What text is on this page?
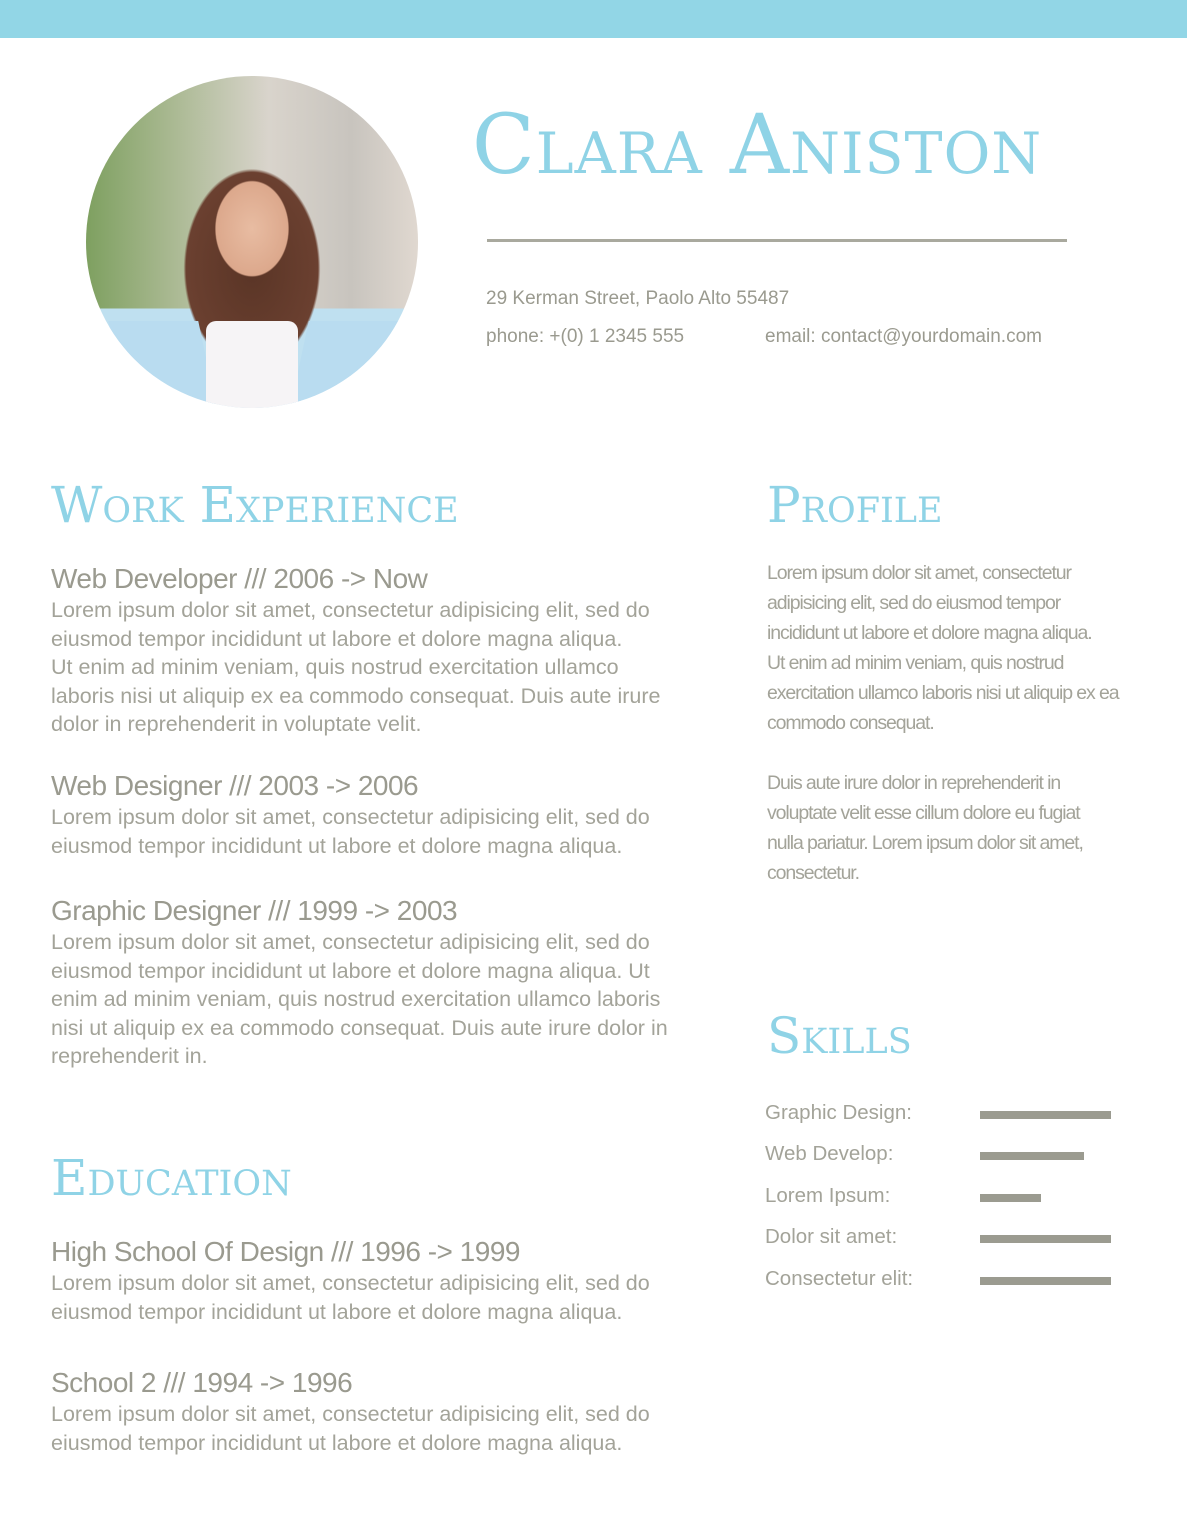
Clara Aniston
29 Kerman Street, Paolo Alto 55487
phone: +(0) 1 2345 555	email: contact@yourdomain.com
Work Experience
Web Developer /// 2006 -> Now
Lorem ipsum dolor sit amet, consectetur adipisicing elit, sed do
eiusmod tempor incididunt ut labore et dolore magna aliqua.
Ut enim ad minim veniam, quis nostrud exercitation ullamco
laboris nisi ut aliquip ex ea commodo consequat. Duis aute irure
dolor in reprehenderit in voluptate velit.
Web Designer /// 2003 -> 2006
Lorem ipsum dolor sit amet, consectetur adipisicing elit, sed do
eiusmod tempor incididunt ut labore et dolore magna aliqua.
Graphic Designer /// 1999 -> 2003
Lorem ipsum dolor sit amet, consectetur adipisicing elit, sed do
eiusmod tempor incididunt ut labore et dolore magna aliqua. Ut
enim ad minim veniam, quis nostrud exercitation ullamco laboris
nisi ut aliquip ex ea commodo consequat. Duis aute irure dolor in
reprehenderit in.
Education
High School Of Design /// 1996 -> 1999
Lorem ipsum dolor sit amet, consectetur adipisicing elit, sed do
eiusmod tempor incididunt ut labore et dolore magna aliqua.
School 2 /// 1994 -> 1996
Lorem ipsum dolor sit amet, consectetur adipisicing elit, sed do
eiusmod tempor incididunt ut labore et dolore magna aliqua.
Profile
Lorem ipsum dolor sit amet, consectetur
adipisicing elit, sed do eiusmod tempor
incididunt ut labore et dolore magna aliqua.
Ut enim ad minim veniam, quis nostrud
exercitation ullamco laboris nisi ut aliquip ex ea
commodo consequat.
Duis aute irure dolor in reprehenderit in
voluptate velit esse cillum dolore eu fugiat
nulla pariatur. Lorem ipsum dolor sit amet,
consectetur.
Skills
Graphic Design:
Web Develop:
Lorem Ipsum:
Dolor sit amet:
Consectetur elit:
